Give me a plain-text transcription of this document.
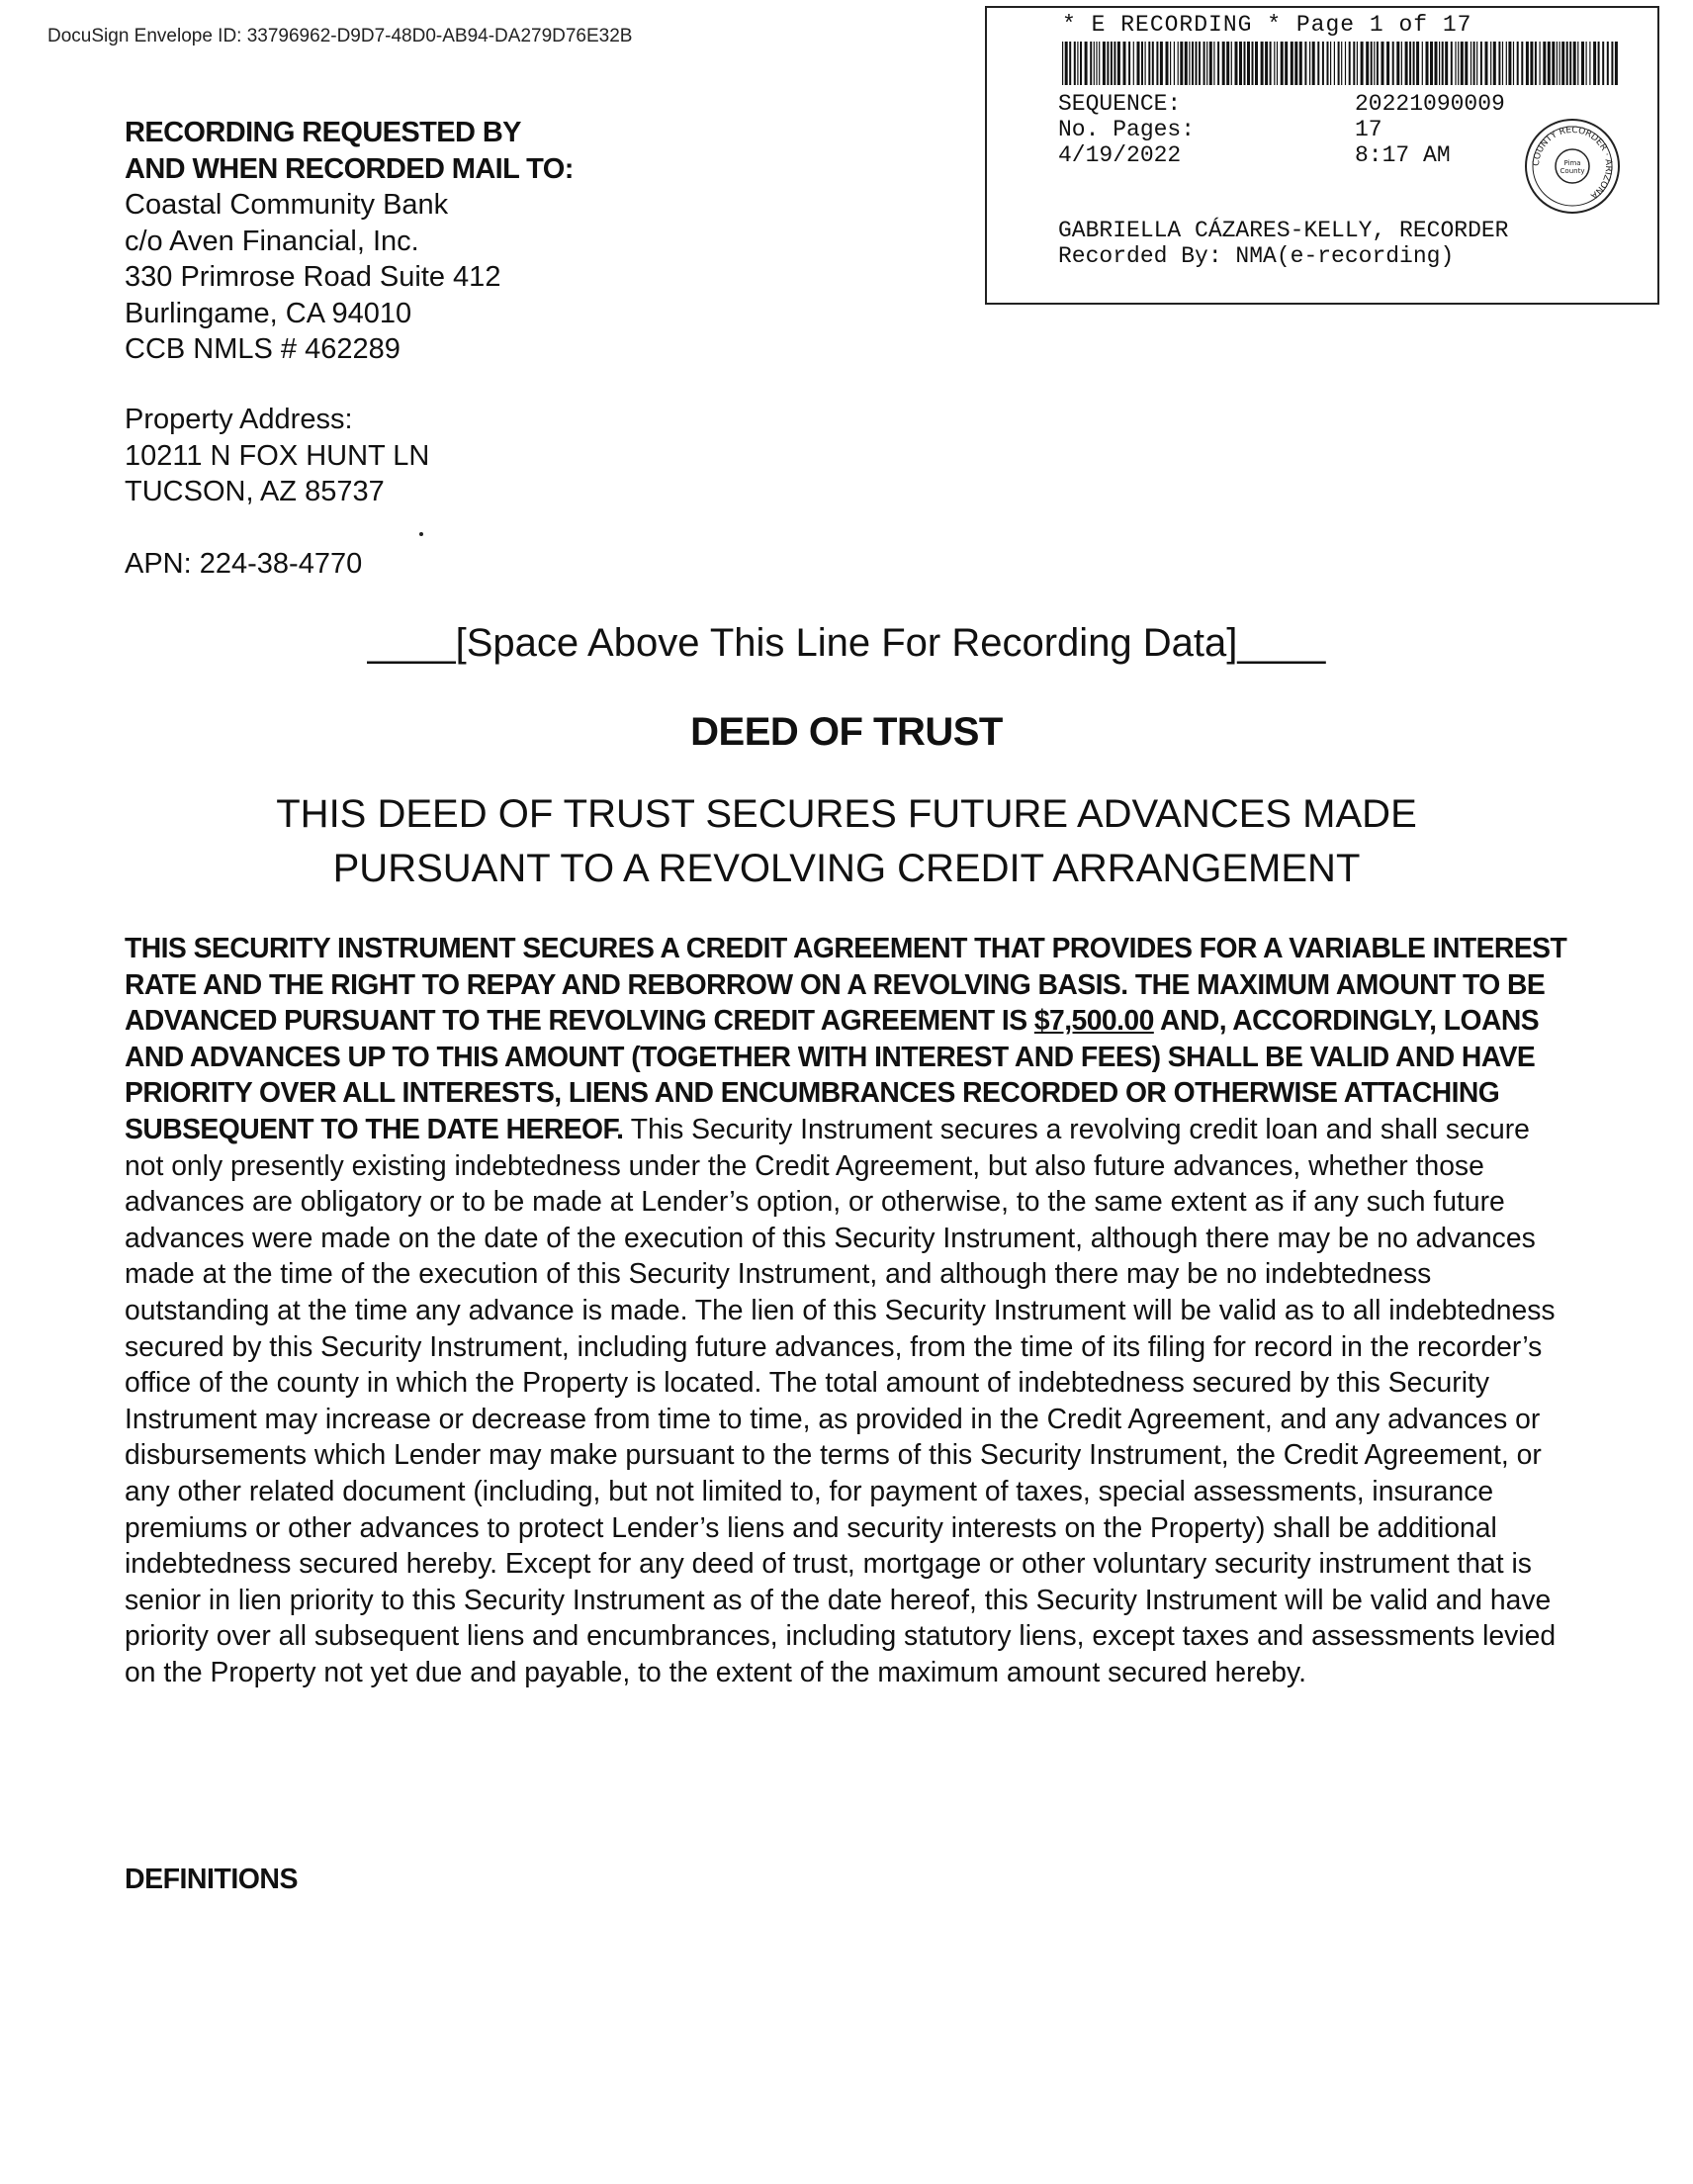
DocuSign Envelope ID: 33796962-D9D7-48D0-AB94-DA279D76E32B	* E RECORDING * Page 1 of 17
SEQUENCE:	20221090009
No. Pages:	17
4/19/2022	8:17 AM	COUNTY RECORDER · ARIZONA
Pima
County
GABRIELLA CÁZARES-KELLY, RECORDER
Recorded By: NMA(e-recording)
RECORDING REQUESTED BY
AND WHEN RECORDED MAIL TO:
Coastal Community Bank
c/o Aven Financial, Inc.
330 Primrose Road Suite 412
Burlingame, CA 94010
CCB NMLS # 462289
Property Address:
10211 N FOX HUNT LN
TUCSON, AZ 85737
APN: 224-38-4770
____[Space Above This Line For Recording Data]____
DEED OF TRUST
THIS DEED OF TRUST SECURES FUTURE ADVANCES MADE
PURSUANT TO A REVOLVING CREDIT ARRANGEMENT
THIS SECURITY INSTRUMENT SECURES A CREDIT AGREEMENT THAT PROVIDES FOR A VARIABLE INTEREST RATE AND THE RIGHT TO REPAY AND REBORROW ON A REVOLVING BASIS. THE MAXIMUM AMOUNT TO BE ADVANCED PURSUANT TO THE REVOLVING CREDIT AGREEMENT IS $7,500.00 AND, ACCORDINGLY, LOANS AND ADVANCES UP TO THIS AMOUNT (TOGETHER WITH INTEREST AND FEES) SHALL BE VALID AND HAVE PRIORITY OVER ALL INTERESTS, LIENS AND ENCUMBRANCES RECORDED OR OTHERWISE ATTACHING SUBSEQUENT TO THE DATE HEREOF. This Security Instrument secures a revolving credit loan and shall secure not only presently existing indebtedness under the Credit Agreement, but also future advances, whether those advances are obligatory or to be made at Lender’s option, or otherwise, to the same extent as if any such future advances were made on the date of the execution of this Security Instrument, although there may be no advances made at the time of the execution of this Security Instrument, and although there may be no indebtedness outstanding at the time any advance is made. The lien of this Security Instrument will be valid as to all indebtedness secured by this Security Instrument, including future advances, from the time of its filing for record in the recorder’s office of the county in which the Property is located. The total amount of indebtedness secured by this Security Instrument may increase or decrease from time to time, as provided in the Credit Agreement, and any advances or disbursements which Lender may make pursuant to the terms of this Security Instrument, the Credit Agreement, or any other related document (including, but not limited to, for payment of taxes, special assessments, insurance premiums or other advances to protect Lender’s liens and security interests on the Property) shall be additional indebtedness secured hereby. Except for any deed of trust, mortgage or other voluntary security instrument that is senior in lien priority to this Security Instrument as of the date hereof, this Security Instrument will be valid and have priority over all subsequent liens and encumbrances, including statutory liens, except taxes and assessments levied on the Property not yet due and payable, to the extent of the maximum amount secured hereby.
DEFINITIONS
